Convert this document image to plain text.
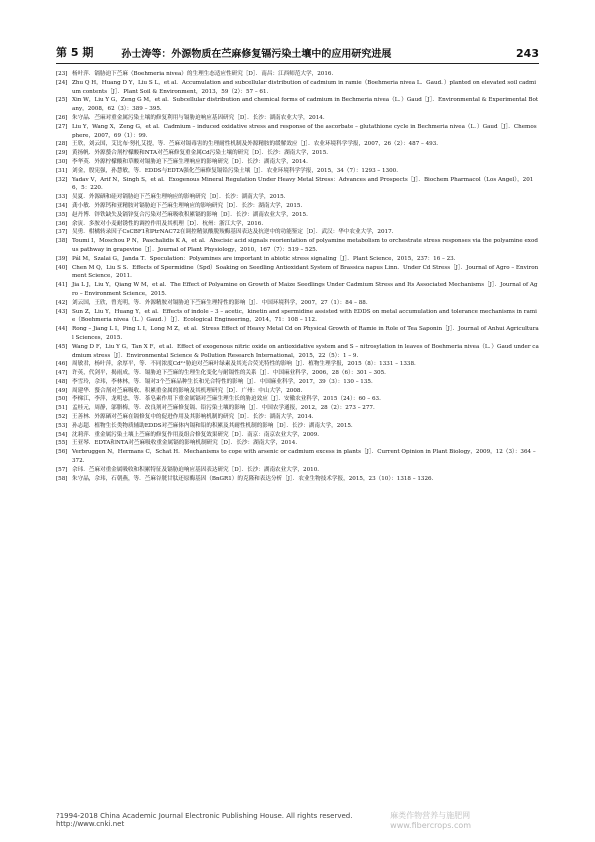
第 5 期	孙士涛等：外源物质在苎麻修复镉污染土壤中的应用研究进展	243
[23] 杨叶萍．镉胁迫下苎麻（Boehmeria nivea）的生理生态适应性研究［D］．南昌：江西师范大学，2016.
[24] Zhu Q H，Huang D Y，Liu S L，et al．Accumulation and subcellular distribution of cadmium in ramie（Boehmeria nivea L．Gaud．）planted on elevated soil cadmium contents［J］．Plant Soil & Environment，2013，59（2）：57 – 61.
[25] Xin W，Liu Y G，Zeng G M，et al．Subcellular distribution and chemical forms of cadmium in Bechmeria nivea（L．）Gaud［J］．Environmental & Experimental Botany，2008，62（3）：389 – 395.
[26] 朱守晶．苎麻对重金属污染土壤的修复利用与镉胁迫响应基因研究［D］．长沙：湖南农业大学，2014.
[27] Liu Y，Wang X，Zeng G，et al．Cadmium – induced oxidative stress and response of the ascorbate – glutathione cycle in Bechmeria nivea（L．）Gaud［J］．Chemosphere，2007，69（1）：99.
[28] 王欣，刘云国，艾比布·努扎艾提，等．苎麻对镉毒害的生理耐性机制及外源精胺的缓解效应［J］．农业环境科学学报，2007，26（2）：487 – 493.
[29] 黄扬帆．外源螯合剂柠檬酸和NTA对苎麻修复重金属Cd污染土壤的研究［D］．长沙：湖南大学，2015.
[30] 李华英．外源柠檬酸和草酸对镉胁迫下苎麻生理响应的影响研究［D］．长沙：湖南大学，2014.
[31] 刘金，殷宪强，孙慧敏，等．EDDS与EDTA强化苎麻修复镉铅污染土壤［J］．农业环境科学学报，2015，34（7）：1293 – 1300.
[32] Yadav V，Arif N，Singh S，et al．Exogenous Mineral Regulation Under Heavy Metal Stress：Advances and Prospects［J］．Biochem Pharmacol（Los Angel），2016，5：220.
[33] 吴夏．外源硒和硅对镉胁迫下苎麻生理响应的影响研究［D］．长沙：湖南大学，2015.
[34] 龚小敏．外源钙和亚精胺对镉胁迫下苎麻生理响应的影响研究［D］．长沙：湖南大学，2015.
[35] 赵丹博．锌铁缺失及镉锌复合污染对苎麻吸收积累镉的影响［D］．长沙：湖南农业大学，2015.
[36] 余寅．多胺对小麦耐锈性的调控作用及其机理［D］．杭州：浙江大学，2016.
[37] 吴勇．柑橘转录因子CsCBF1和PtrNAC72在调控精氨酸脱羧酶基因表达及抗逆中的功能鉴定［D］．武汉：华中农业大学，2017.
[38] Toumi I，Moschou P N，Paschalidis K A，et al．Abscisic acid signals reorientation of polyamine metabolism to orchestrate stress responses via the polyamine exodus pathway in grapevine［J］．Journal of Plant Physiology，2010，167（7）：519 – 525.
[39] Pál M，Szalai G，Janda T．Speculation：Polyamines are important in abiotic stress signaling［J］．Plant Science，2015，237：16 – 23.
[40] Chen M Q，Liu S S．Effects of Spermidine（Spd）Soaking on Seedling Antioxidant System of Brassica napus Linn．Under Cd Stress［J］．Journal of Agro – Environment Science，2011.
[41] Jia L J，Liu Y，Qiang W M，et al．The Effect of Polyamine on Growth of Maize Seedlings Under Cadmium Stress and Its Associated Mechanisms［J］．Journal of Agro – Environment Science，2015.
[42] 刘云国，王欣，曾光明，等．外源精胺对镉胁迫下苎麻生理特性的影响［J］．中国环境科学，2007，27（1）：84 – 88.
[43] Sun Z，Liu Y，Huang Y，et al．Effects of indole – 3 – acetic，kinetin and spermidine assisted with EDDS on metal accumulation and tolerance mechanisms in ramie（Boehmeria nivea（L．）Gaud．）［J］．Ecological Engineering，2014，71：108 – 112.
[44] Rong – Jiang L I，Ping L I，Long M Z，et al．Stress Effect of Heavy Metal Cd on Physical Growth of Ramie in Role of Tea Saponin［J］．Journal of Anhui Agricultural Sciences，2015.
[45] Wang D F，Liu Y G，Tan X F，et al．Effect of exogenous nitric oxide on antioxidative system and S – nitrosylation in leaves of Boehmeria nivea（L．）Gaud under cadmium stress［J］．Environmental Science & Pollution Research International，2015，22（5）：1 – 9.
[46] 周敏君，杨叶萍，余厚平，等．不同浓度Cd²⁺胁迫对苎麻叶绿素及其光合荧光特性的影响［J］．植物生理学报，2015（8）：1331 – 1338.
[47] 许英，代剑平，揭雨成，等．镉胁迫下苎麻的生理生化变化与耐镉性的关系［J］．中国麻业科学，2006，28（6）：301 – 305.
[48] 李雪玲，佘玮，李林林，等．镉对3个苎麻品种生长和光合特性的影响［J］．中国麻业科学，2017，39（3）：130 – 135.
[49] 周建华．螯合剂对苎麻吸收、积累重金属的影响及其机理研究［D］．广州：中山大学，2008.
[50] 李梯江，李萍，龙明忠，等．茶皂素作用下重金属镉对苎麻生理生长的胁迫效应［J］．安徽农业科学，2015（24）：60 – 63.
[51] 孟桂元，周静，邬腊梅，等．改良剂对苎麻修复镉、铅污染土壤的影响［J］．中国农学通报，2012，28（2）：273 – 277.
[52] 王善林．外源硒对苎麻在镉修复中的促进作用及其影响机制的研究［D］．长沙：湖南大学，2014.
[53] 孙志超．植物生长类物质辅助EDDS对苎麻体内镉和铅的积累及其耐性机制的影响［D］．长沙：湖南大学，2015.
[54] 沈莉萍．重金属污染土壤上苎麻的修复作用及组合修复效果研究［D］．南京：南京农业大学，2009.
[55] 王亚琴．EDTA和NTA对苎麻吸收重金属镉的影响机制研究［D］．长沙：湖南大学，2014.
[56] Verbruggen N，Hermans C，Schat H．Mechanisms to cope with arsenic or cadmium excess in plants［J］．Current Opinion in Plant Biology，2009，12（3）：364 – 372.
[57] 佘玮．苎麻对重金属吸收和积累特征及镉胁迫响应基因表达研究［D］．长沙：湖南农业大学，2010.
[58] 朱守晶，佘玮，石朝燕，等．苎麻谷胱甘肽还原酶基因（BnGR1）的克隆和表达分析［J］．农业生物技术学报，2015，23（10）：1318 – 1326.
?1994-2018 China Academic Journal Electronic Publishing House. All rights reserved. http://www.cnki.net
麻类作物营养与施肥网 www.fibercrops.com
